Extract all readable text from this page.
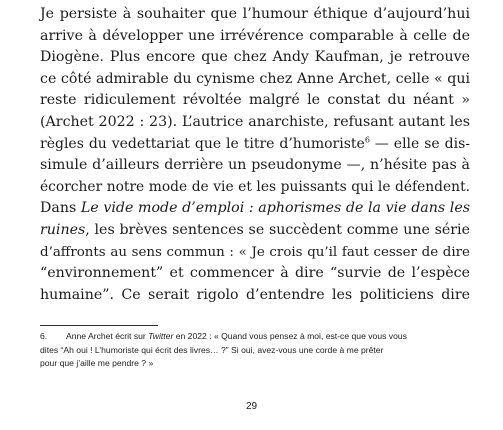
Je persiste à souhaiter que l’humour éthique d’aujourd’hui
arrive à développer une irrévérence comparable à celle de
Diogène. Plus encore que chez Andy Kaufman, je retrouve
ce côté admirable du cynisme chez Anne Archet, celle « qui
reste ridiculement révoltée malgré le constat du néant »
(Archet 2022 : 23). L’autrice anarchiste, refusant autant les
règles du vedettariat que le titre d’humoriste$^6$ — elle se dis-
simule d’ailleurs derrière un pseudonyme —, n’hésite pas à
écorcher notre mode de vie et les puissants qui le défendent.
Dans Le vide mode d’emploi : aphorismes de la vie dans les
ruines, les brèves sentences se succèdent comme une série
d’affronts au sens commun : « Je crois qu’il faut cesser de dire
“environnement” et commencer à dire “survie de l’espèce
humaine”. Ce serait rigolo d’entendre les politiciens dire
6. Anne Archet écrit sur Twitter en 2022 : « Quand vous pensez à moi, est-ce que vous vous
dites “Ah oui ! L’humoriste qui écrit des livres… ?” Si oui, avez-vous une corde à me prêter
pour que j’aille me pendre ? »
29
